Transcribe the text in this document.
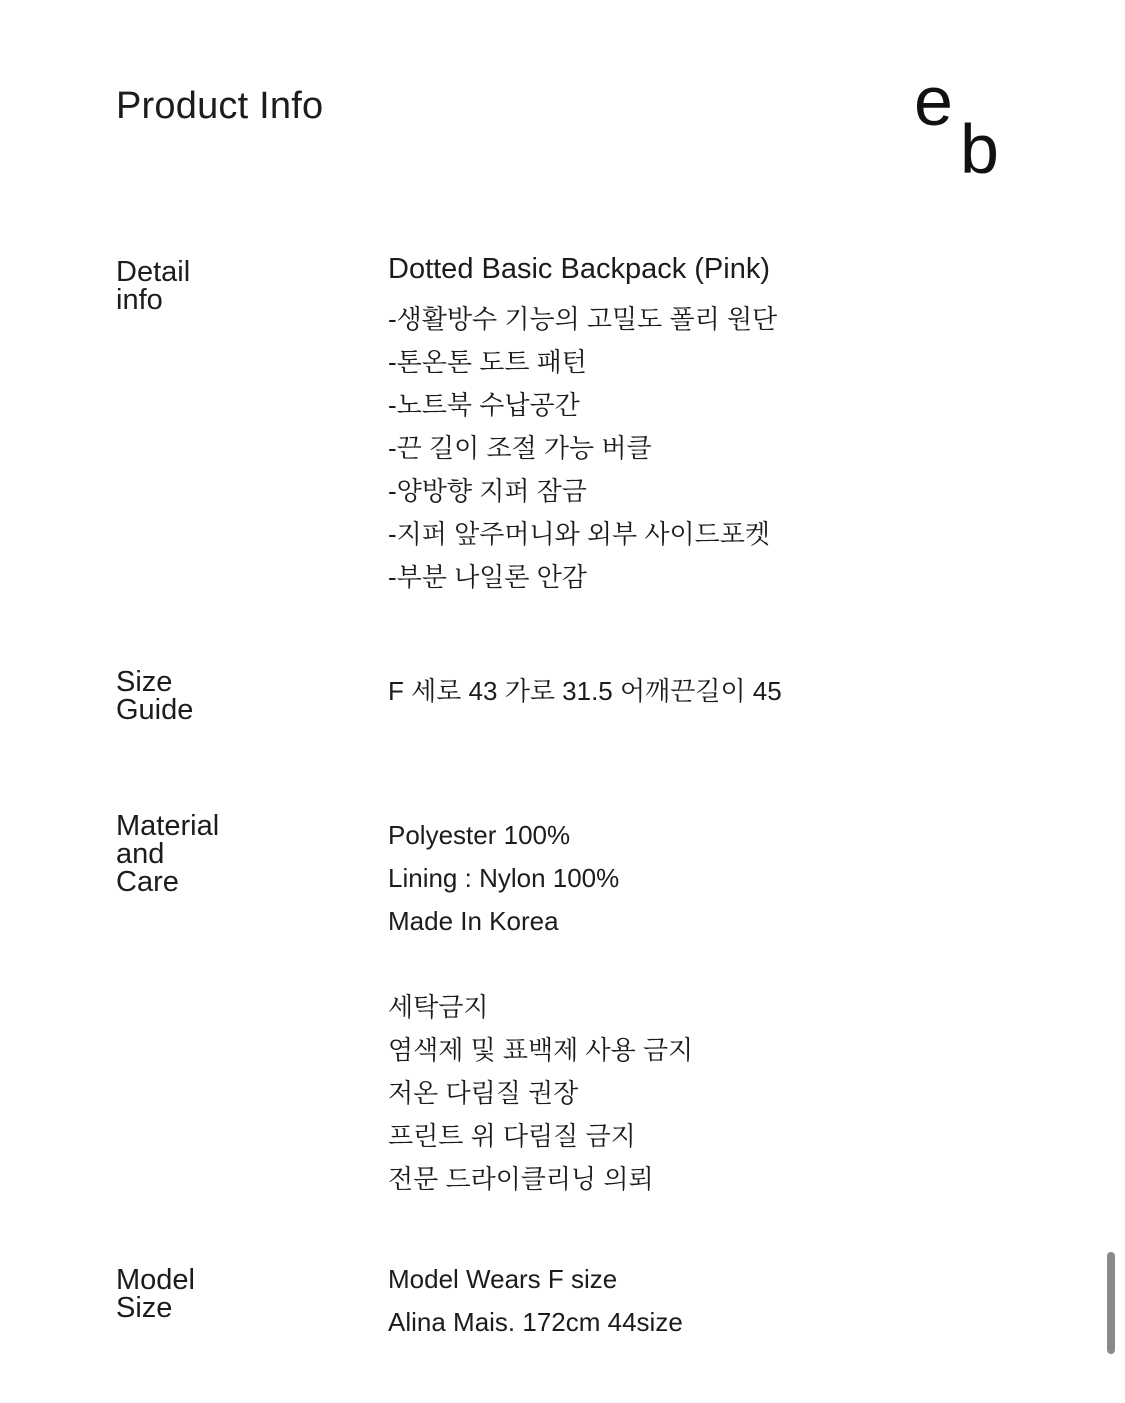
Product Info	e
b
Detail
info
Dotted Basic Backpack (Pink)
-생활방수 기능의 고밀도 폴리 원단
-톤온톤 도트 패턴
-노트북 수납공간
-끈 길이 조절 가능 버클
-양방향 지퍼 잠금
-지퍼 앞주머니와 외부 사이드포켓
-부분 나일론 안감
Size
Guide
F 세로 43 가로 31.5 어깨끈길이 45
Material
and
Care
Polyester 100%
Lining : Nylon 100%
Made In Korea
세탁금지
염색제 및 표백제 사용 금지
저온 다림질 권장
프린트 위 다림질 금지
전문 드라이클리닝 의뢰
Model
Size
Model Wears F size
Alina Mais. 172cm 44size
